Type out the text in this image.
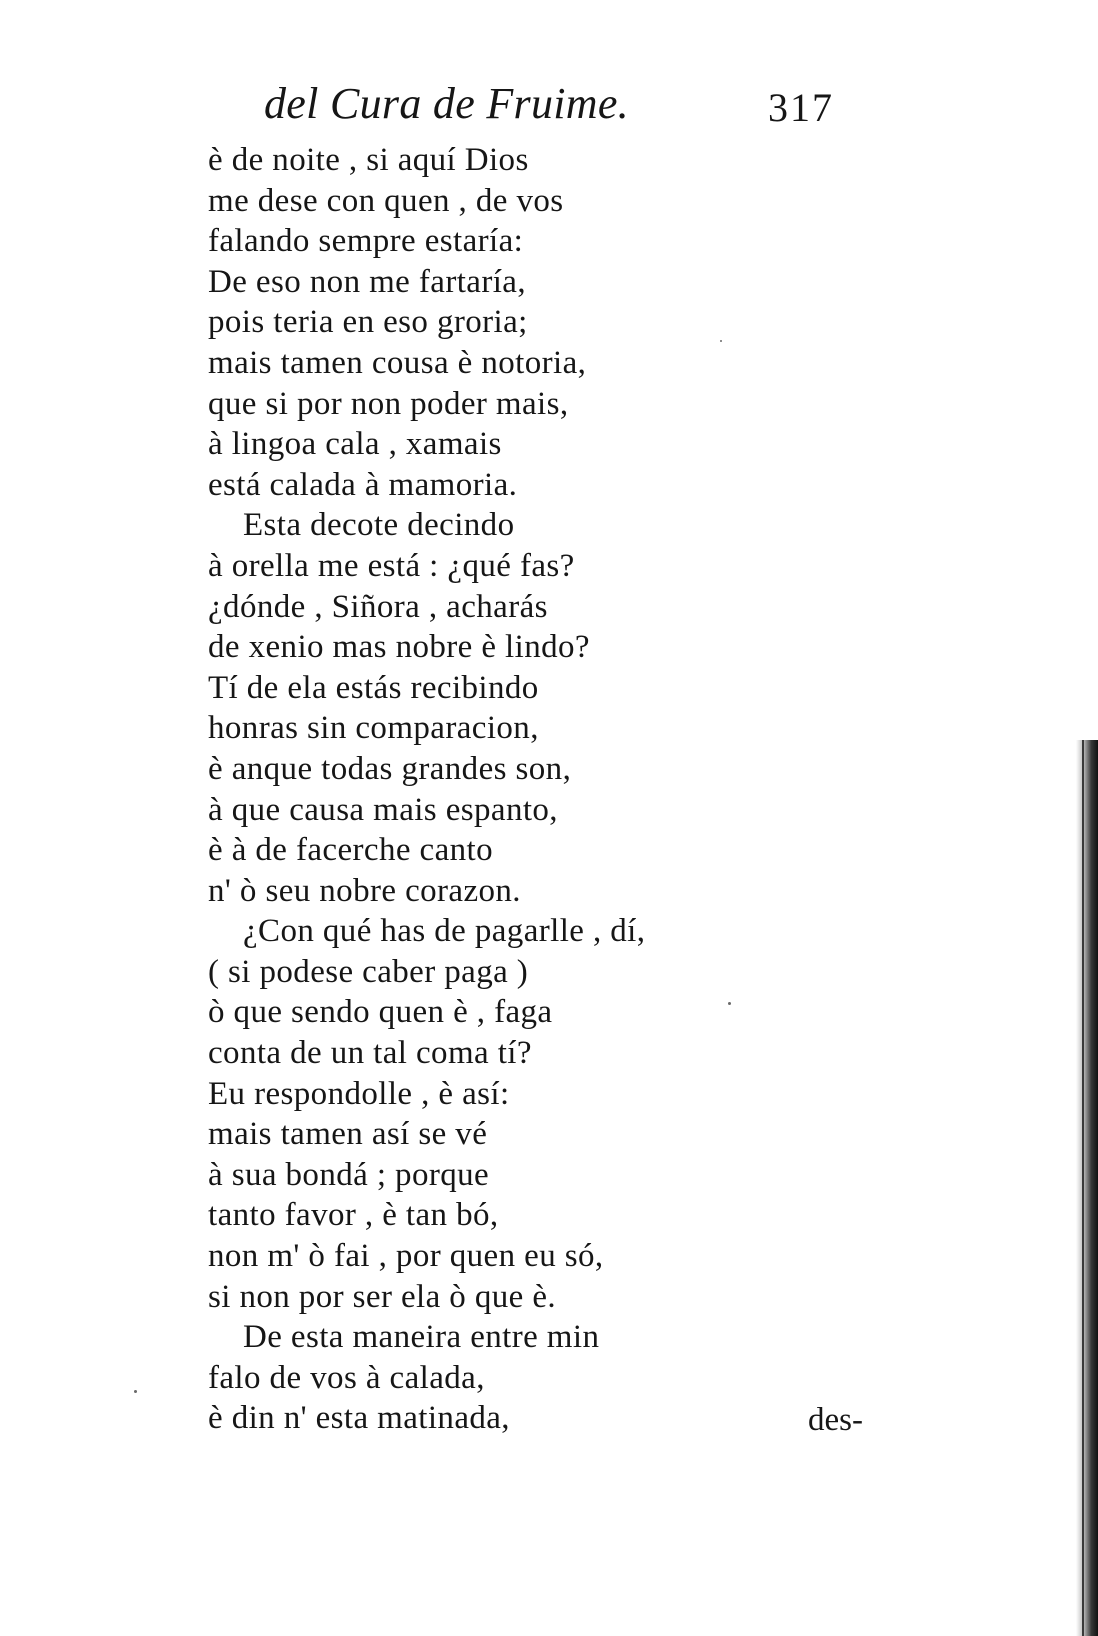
del Cura de Fruime.	317
è de noite , si aquí Dios
me dese con quen , de vos
falando sempre estaría:
De eso non me fartaría,
pois teria en eso groria;
mais tamen cousa è notoria,
que si por non poder mais,
à lingoa cala , xamais
está calada à mamoria.
Esta decote decindo
à orella me está : ¿qué fas?
¿dónde , Siñora , acharás
de xenio mas nobre è lindo?
Tí de ela estás recibindo
honras sin comparacion,
è anque todas grandes son,
à que causa mais espanto,
è à de facerche canto
n' ò seu nobre corazon.
¿Con qué has de pagarlle , dí,
( si podese caber paga )
ò que sendo quen è , faga
conta de un tal coma tí?
Eu respondolle , è así:
mais tamen así se vé
à sua bondá ; porque
tanto favor , è tan bó,
non m' ò fai , por quen eu só,
si non por ser ela ò que è.
De esta maneira entre min
falo de vos à calada,
è din n' esta matinada,	des-
